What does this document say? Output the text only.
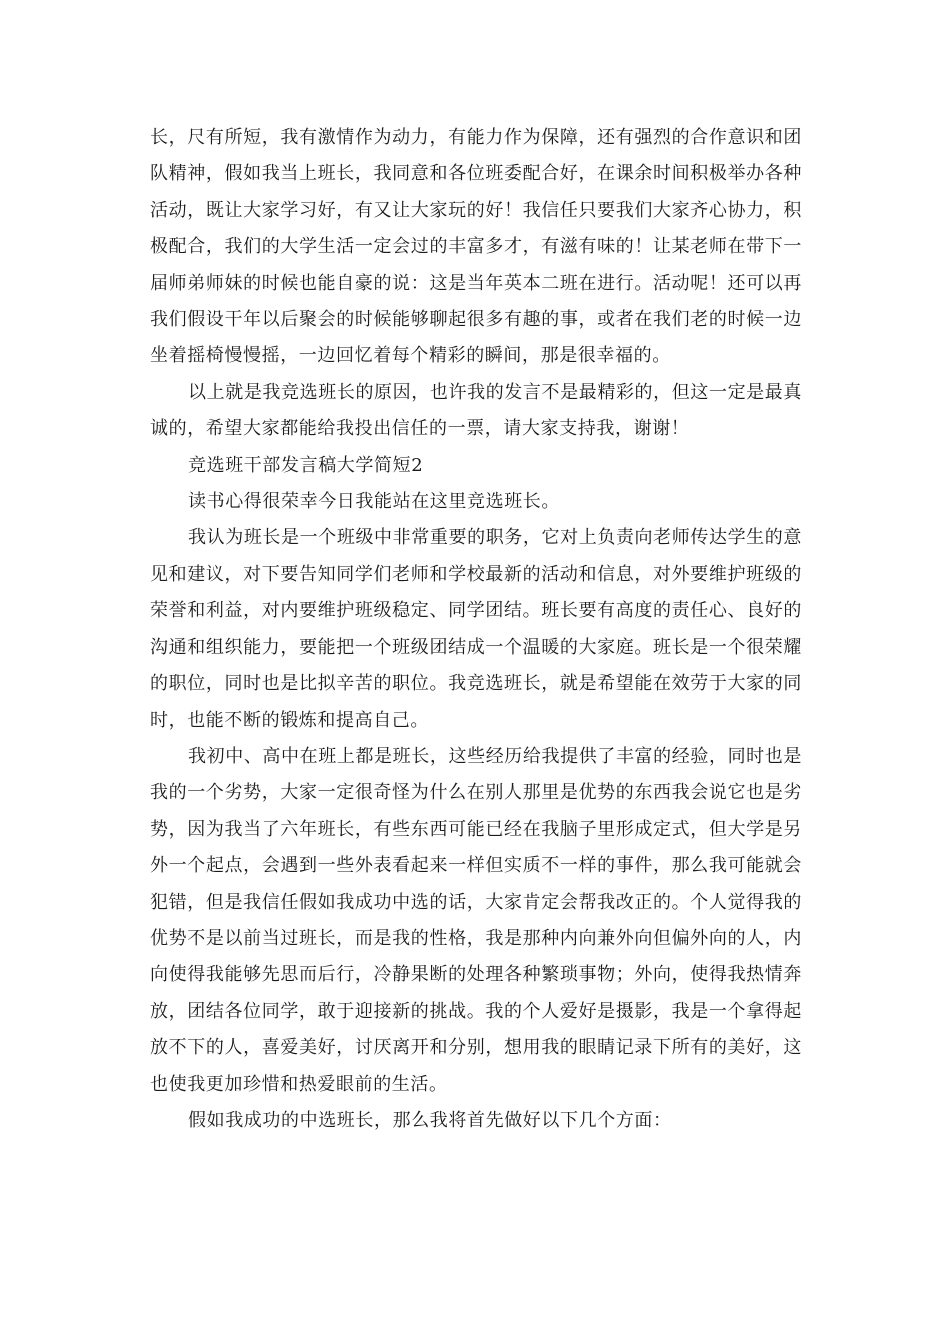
长，尺有所短，我有激情作为动力，有能力作为保障，还有强烈的合作意识和团队精神，假如我当上班长，我同意和各位班委配合好，在课余时间积极举办各种活动，既让大家学习好，有又让大家玩的好！我信任只要我们大家齐心协力，积极配合，我们的大学生活一定会过的丰富多才，有滋有味的！让某老师在带下一届师弟师妹的时候也能自豪的说：这是当年英本二班在进行。活动呢！还可以再我们假设干年以后聚会的时候能够聊起很多有趣的事，或者在我们老的时候一边坐着摇椅慢慢摇，一边回忆着每个精彩的瞬间，那是很幸福的。

以上就是我竞选班长的原因，也许我的发言不是最精彩的，但这一定是最真诚的，希望大家都能给我投出信任的一票，请大家支持我，谢谢！

竞选班干部发言稿大学简短2

读书心得很荣幸今日我能站在这里竞选班长。

我认为班长是一个班级中非常重要的职务，它对上负责向老师传达学生的意见和建议，对下要告知同学们老师和学校最新的活动和信息，对外要维护班级的荣誉和利益，对内要维护班级稳定、同学团结。班长要有高度的责任心、良好的沟通和组织能力，要能把一个班级团结成一个温暖的大家庭。班长是一个很荣耀的职位，同时也是比拟辛苦的职位。我竞选班长，就是希望能在效劳于大家的同时，也能不断的锻炼和提高自己。

我初中、高中在班上都是班长，这些经历给我提供了丰富的经验，同时也是我的一个劣势，大家一定很奇怪为什么在别人那里是优势的东西我会说它也是劣势，因为我当了六年班长，有些东西可能已经在我脑子里形成定式，但大学是另外一个起点，会遇到一些外表看起来一样但实质不一样的事件，那么我可能就会犯错，但是我信任假如我成功中选的话，大家肯定会帮我改正的。个人觉得我的优势不是以前当过班长，而是我的性格，我是那种内向兼外向但偏外向的人，内向使得我能够先思而后行，冷静果断的处理各种繁琐事物；外向，使得我热情奔放，团结各位同学，敢于迎接新的挑战。我的个人爱好是摄影，我是一个拿得起放不下的人，喜爱美好，讨厌离开和分别，想用我的眼睛记录下所有的美好，这也使我更加珍惜和热爱眼前的生活。

假如我成功的中选班长，那么我将首先做好以下几个方面：
